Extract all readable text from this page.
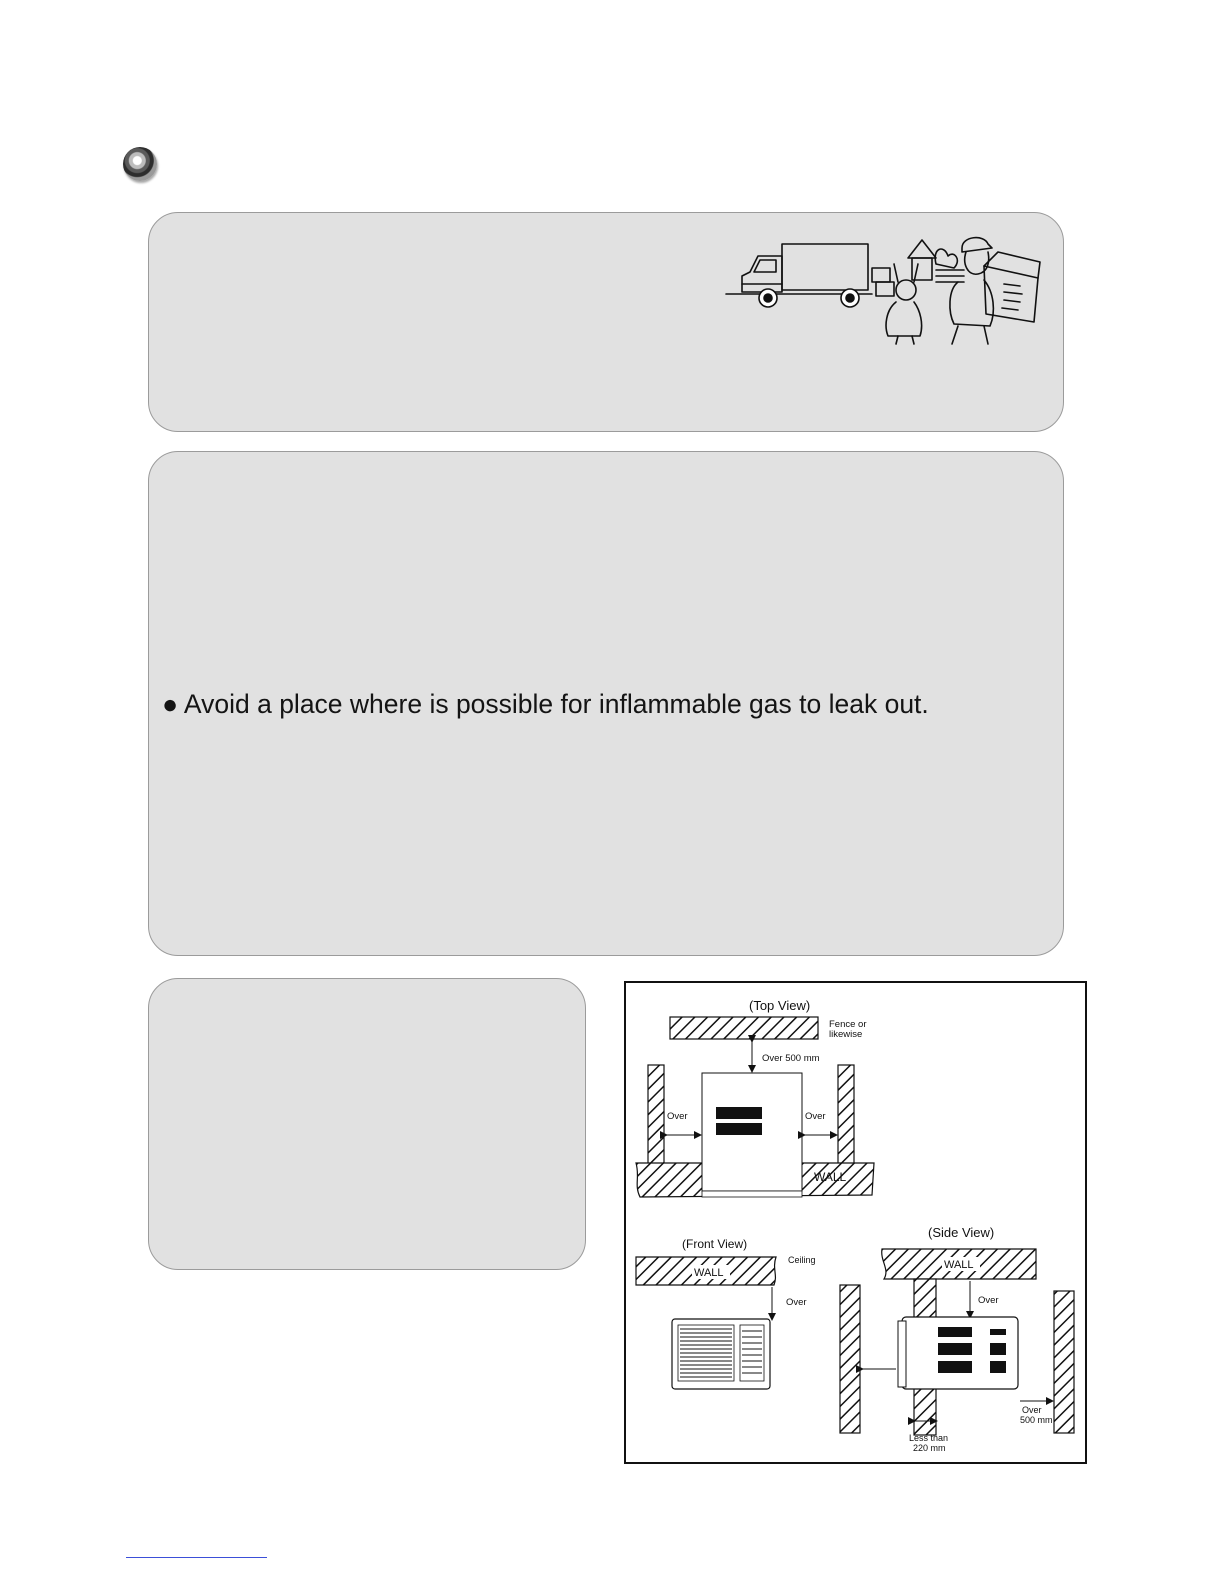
● Avoid a place where is possible for inflammable gas to leak out.
(Top View)
Fence or
likewise
Over 500 mm
WALL
Over	Over
(Front View)
WALL
Ceiling
Over
(Side View)
WALL
Over
Over
500 mm
Less than
220 mm
